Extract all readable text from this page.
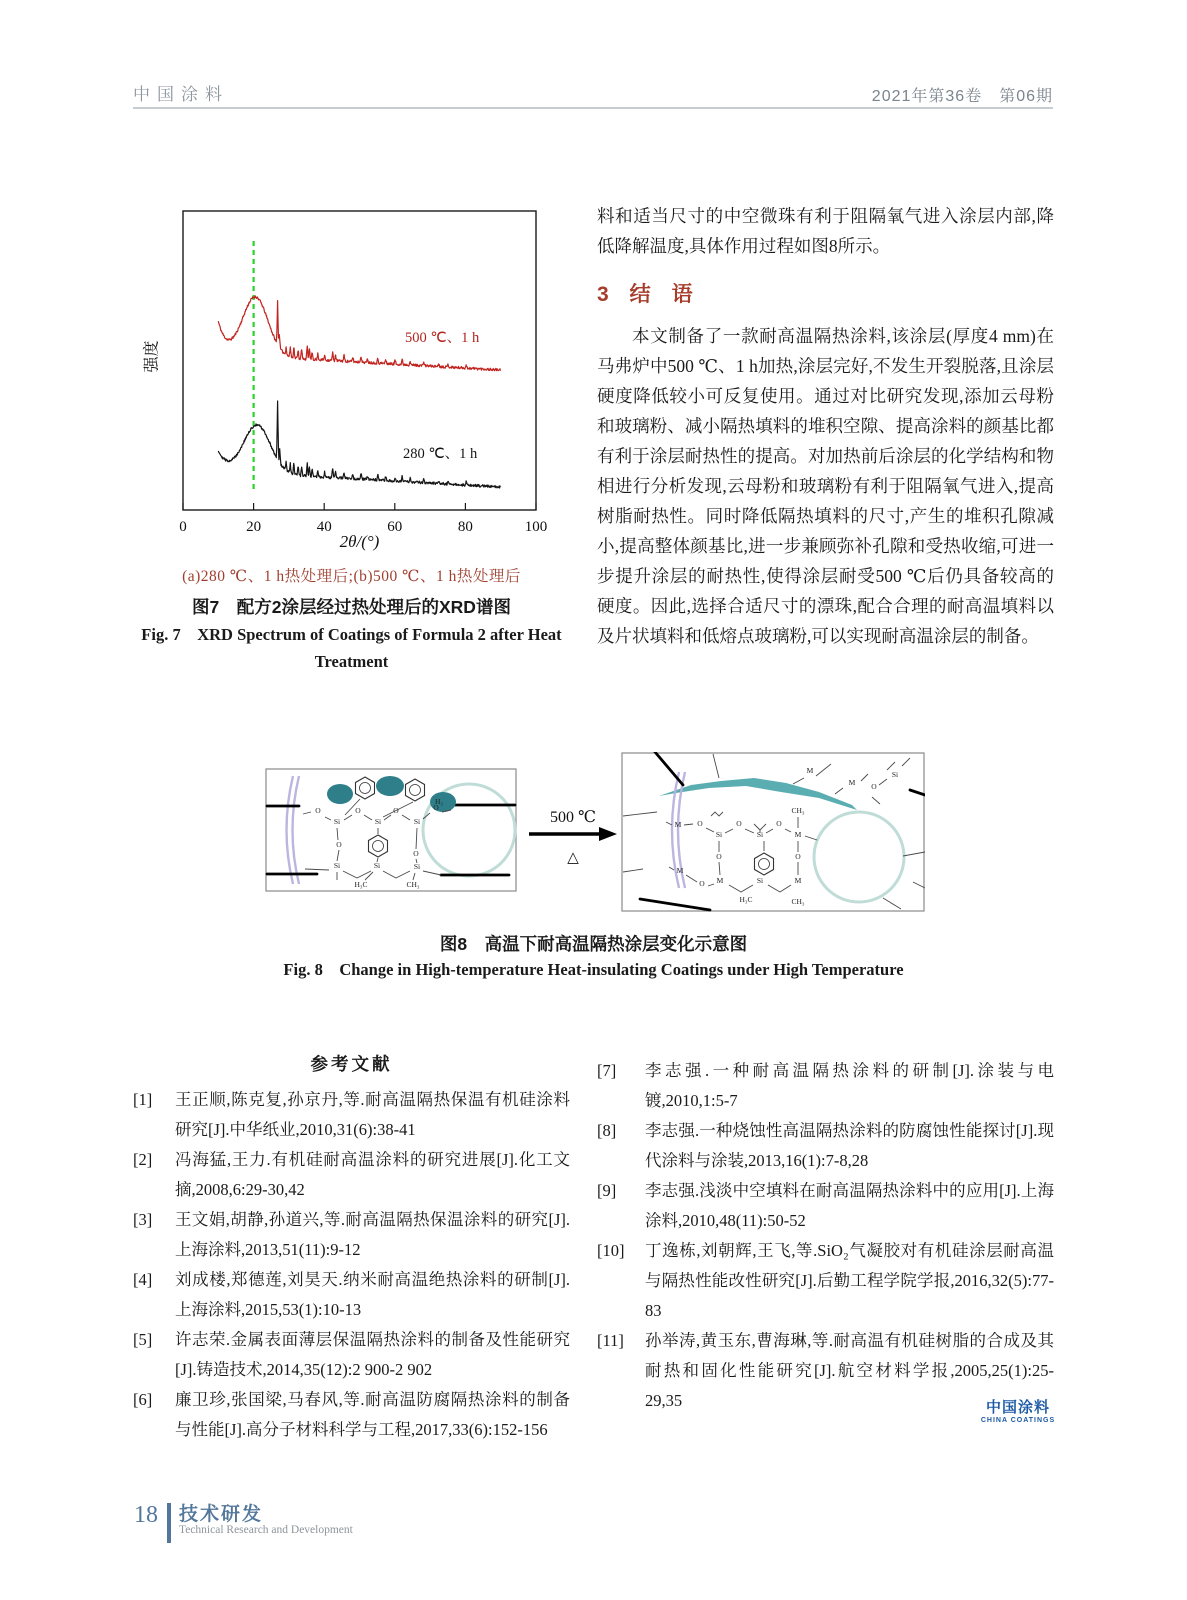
中国涂料	2021年第36卷 第06期
0	20	40	60	80	100
500 ℃、1 h
280 ℃、1 h
强度
2θ/(°)
(a)280 ℃、1 h热处理后;(b)500 ℃、1 h热处理后
图7 配方2涂层经过热处理后的XRD谱图
Fig. 7 XRD Spectrum of Coatings of Formula 2 after Heat Treatment
料和适当尺寸的中空微珠有利于阻隔氧气进入涂层内部,降低降解温度,具体作用过程如图8所示。
3 结 语
本文制备了一款耐高温隔热涂料,该涂层(厚度4 mm)在马弗炉中500 ℃、1 h加热,涂层完好,不发生开裂脱落,且涂层硬度降低较小可反复使用。通过对比研究发现,添加云母粉和玻璃粉、减小隔热填料的堆积空隙、提高涂料的颜基比都有利于涂层耐热性的提高。对加热前后涂层的化学结构和物相进行分析发现,云母粉和玻璃粉有利于阻隔氧气进入,提高树脂耐热性。同时降低隔热填料的尺寸,产生的堆积孔隙减小,提高整体颜基比,进一步兼顾弥补孔隙和受热收缩,可进一步提升涂层的耐热性,使得涂层耐受500 ℃后仍具备较高的硬度。因此,选择合适尺寸的漂珠,配合合理的耐高温填料以及片状填料和低熔点玻璃粉,可以实现耐高温涂层的制备。
O	O	O	O
Si	Si	Si
O
O
Si	Si	Si
H₃C	CH₃
H₃
500 ℃
△
M
M O
Si
M O
Si
O
Si
O
M
CH₃
O	O
M
O M	Si	M
H₃C	CH₃
图8 高温下耐高温隔热涂层变化示意图
Fig. 8 Change in High-temperature Heat-insulating Coatings under High Temperature
参考文献
[1]	王正顺,陈克复,孙京丹,等.耐高温隔热保温有机硅涂料研究[J].中华纸业,2010,31(6):38-41
[2]	冯海猛,王力.有机硅耐高温涂料的研究进展[J].化工文摘,2008,6:29-30,42
[3]	王文娟,胡静,孙道兴,等.耐高温隔热保温涂料的研究[J].上海涂料,2013,51(11):9-12
[4]	刘成楼,郑德莲,刘昊天.纳米耐高温绝热涂料的研制[J].上海涂料,2015,53(1):10-13
[5]	许志荣.金属表面薄层保温隔热涂料的制备及性能研究[J].铸造技术,2014,35(12):2 900-2 902
[6]	廉卫珍,张国梁,马春风,等.耐高温防腐隔热涂料的制备与性能[J].高分子材料科学与工程,2017,33(6):152-156
[7]	李志强.一种耐高温隔热涂料的研制[J].涂装与电镀,2010,1:5-7
[8]	李志强.一种烧蚀性高温隔热涂料的防腐蚀性能探讨[J].现代涂料与涂装,2013,16(1):7-8,28
[9]	李志强.浅淡中空填料在耐高温隔热涂料中的应用[J].上海涂料,2010,48(11):50-52
[10]	丁逸栋,刘朝辉,王飞,等.SiO₂气凝胶对有机硅涂层耐高温与隔热性能改性研究[J].后勤工程学院学报,2016,32(5):77-83
[11]	孙举涛,黄玉东,曹海琳,等.耐高温有机硅树脂的合成及其耐热和固化性能研究[J].航空材料学报,2005,25(1):25-29,35	中国涂料
CHINA COATINGS
18 技术研发
Technical Research and Development
